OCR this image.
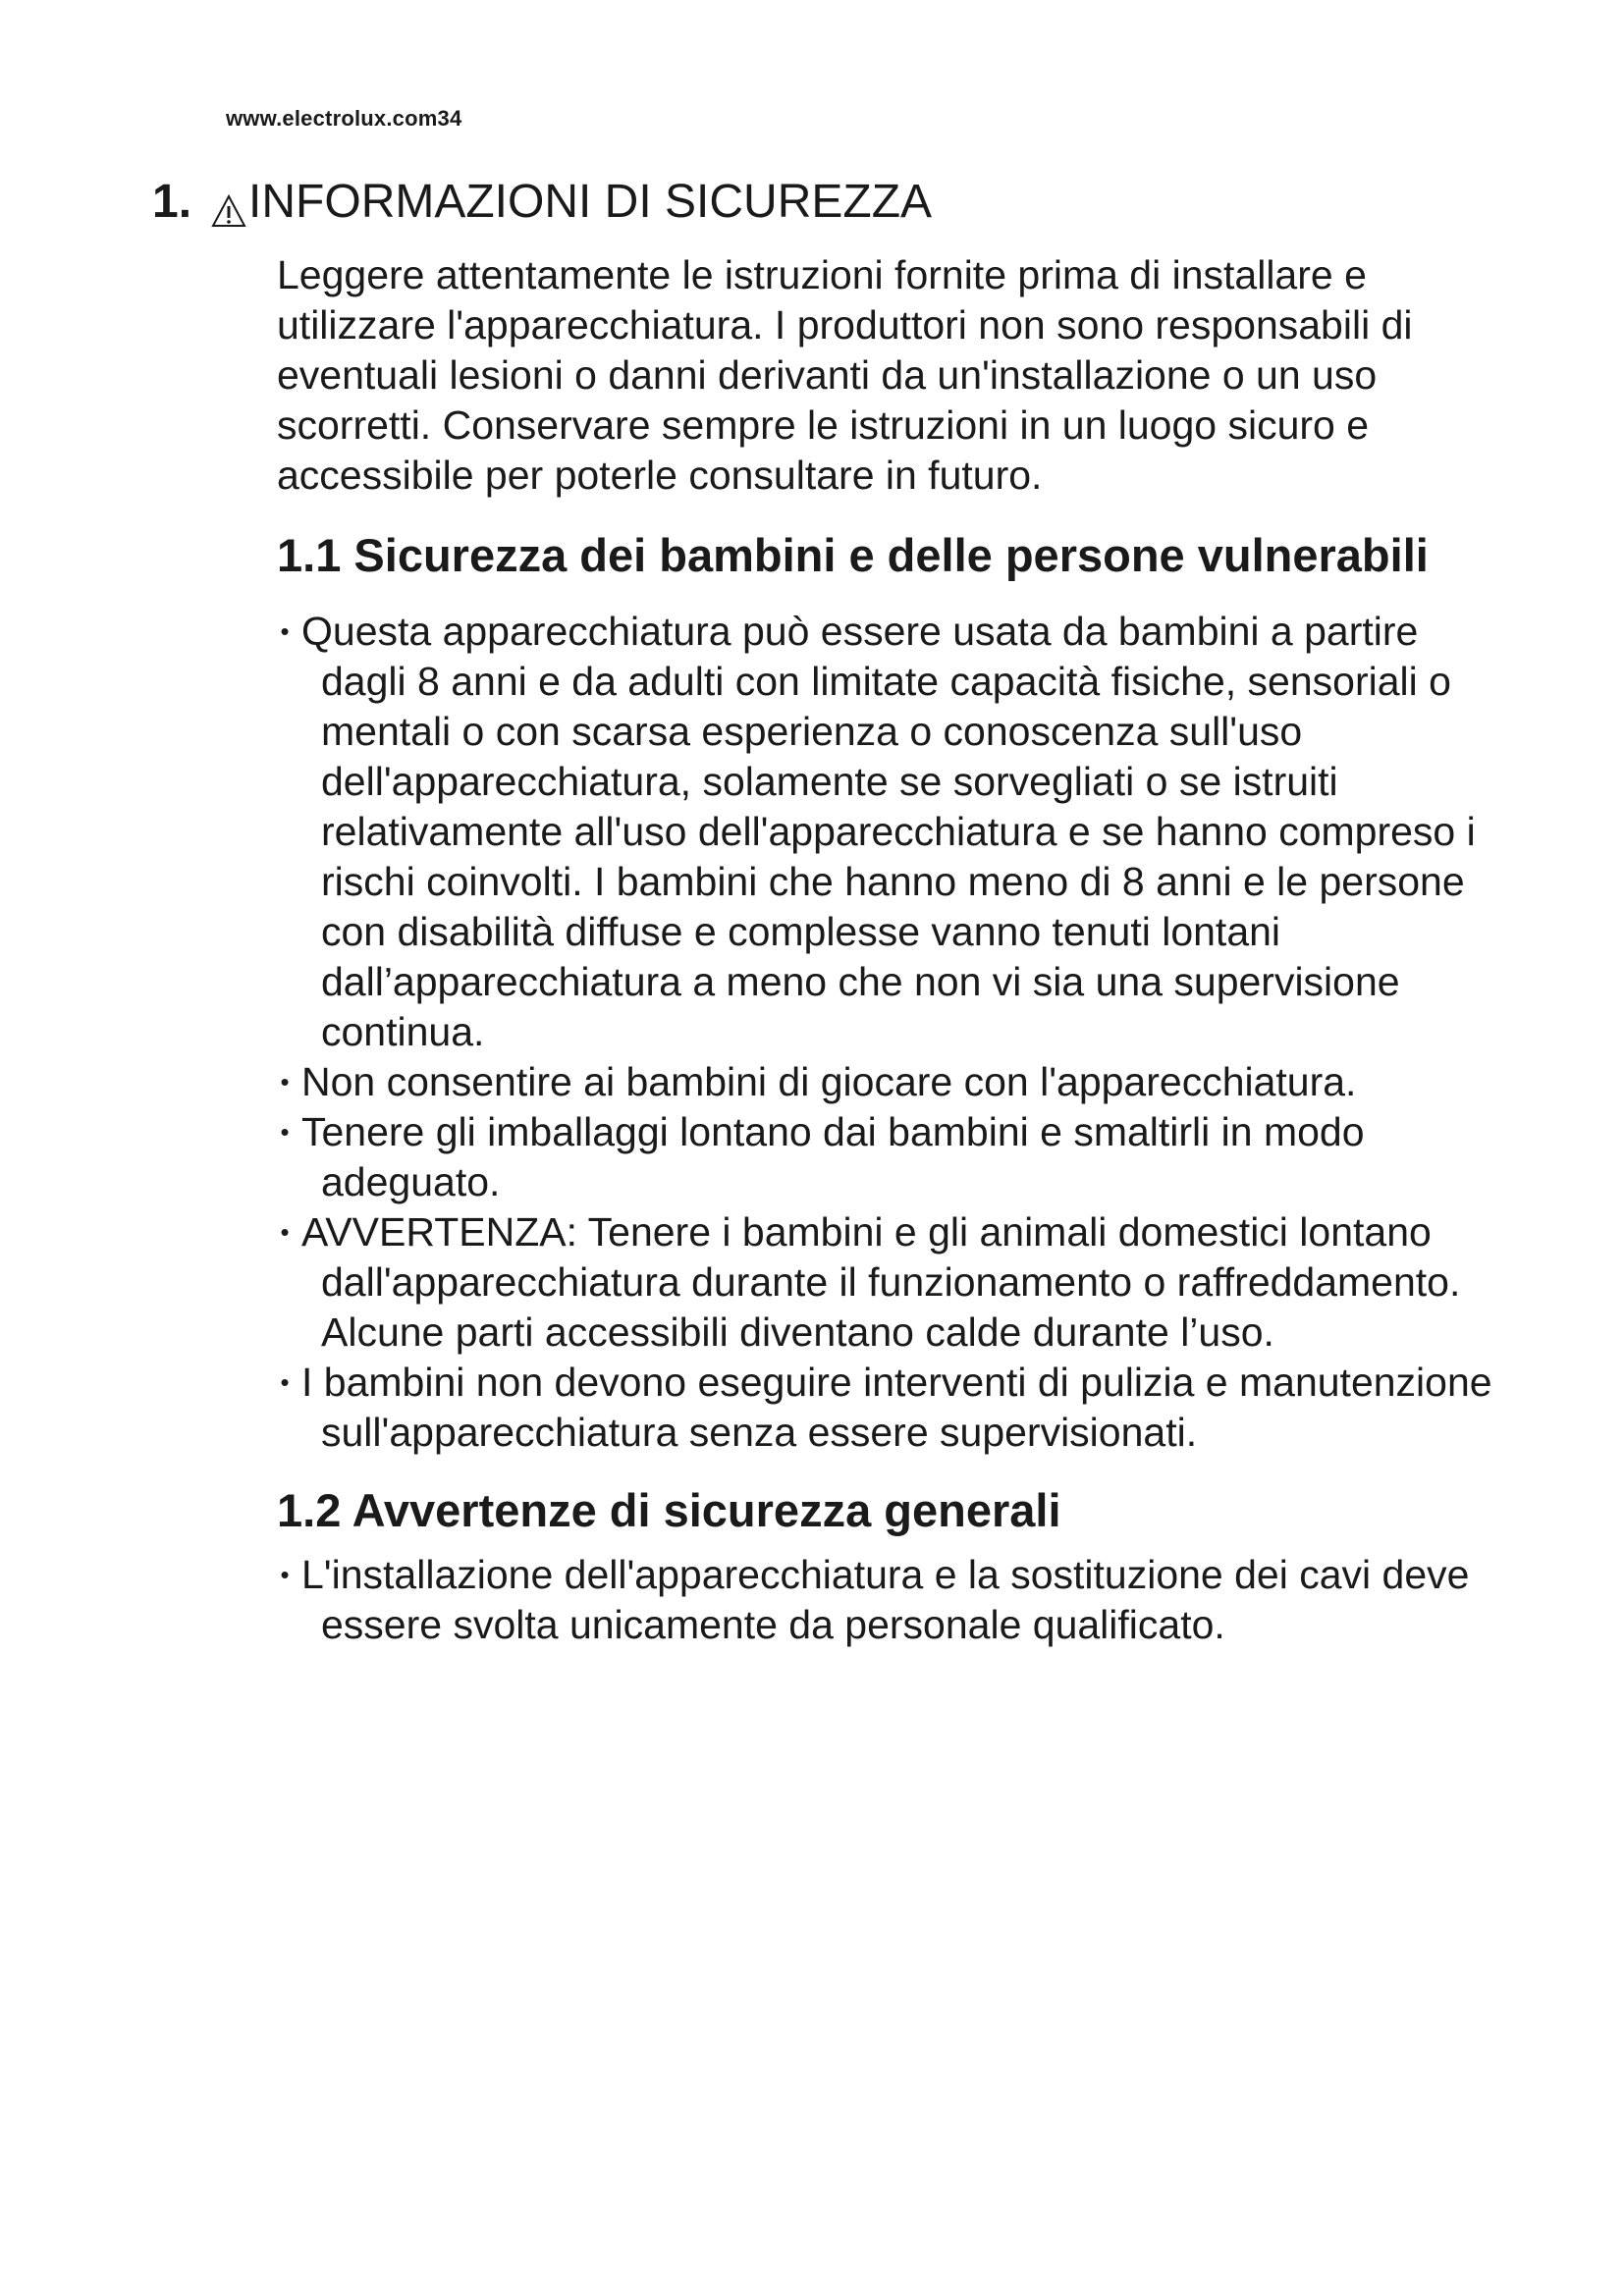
www.electrolux.com34
1. INFORMAZIONI DI SICUREZZA

Leggere attentamente le istruzioni fornite prima di installare e utilizzare l'apparecchiatura. I produttori non sono responsabili di eventuali lesioni o danni derivanti da un'installazione o un uso scorretti. Conservare sempre le istruzioni in un luogo sicuro e accessibile per poterle consultare in futuro.

1.1 Sicurezza dei bambini e delle persone vulnerabili
• Questa apparecchiatura può essere usata da bambini a partire dagli 8 anni e da adulti con limitate capacità fisiche, sensoriali o mentali o con scarsa esperienza o conoscenza sull'uso dell'apparecchiatura, solamente se sorvegliati o se istruiti relativamente all'uso dell'apparecchiatura e se hanno compreso i rischi coinvolti. I bambini che hanno meno di 8 anni e le persone con disabilità diffuse e complesse vanno tenuti lontani dall’apparecchiatura a meno che non vi sia una supervisione continua.
• Non consentire ai bambini di giocare con l'apparecchiatura.
• Tenere gli imballaggi lontano dai bambini e smaltirli in modo adeguato.
• AVVERTENZA: Tenere i bambini e gli animali domestici lontano dall'apparecchiatura durante il funzionamento o raffreddamento. Alcune parti accessibili diventano calde durante l’uso.
• I bambini non devono eseguire interventi di pulizia e manutenzione sull'apparecchiatura senza essere supervisionati.
1.2 Avvertenze di sicurezza generali
• L'installazione dell'apparecchiatura e la sostituzione dei cavi deve essere svolta unicamente da personale qualificato.
